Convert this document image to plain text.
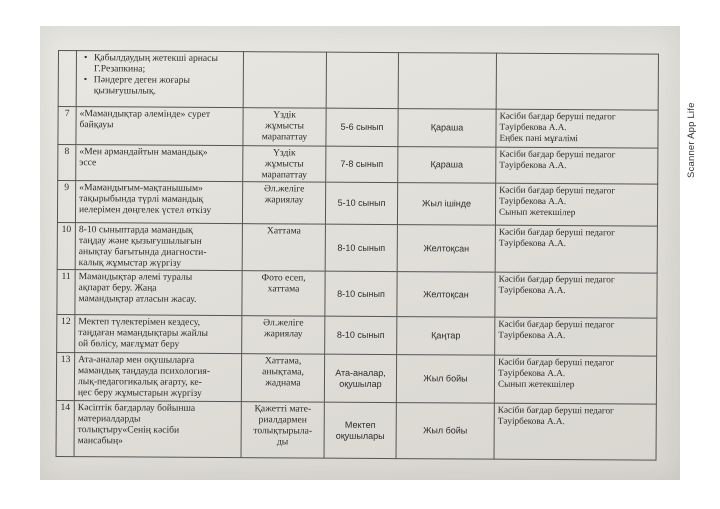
Scanner App Life

	• Қабылдаудың жетекші арнасы Г.Резапкина;
• Пәндерге деген жоғары қызығушылық.

7	«Мамандықтар әлемінде» сурет
байқауы	Үздік
жұмысты
марапаттау	5-6 сынып	Қараша	Кәсіби бағдар беруші педагог
Тәуірбекова А.А.
Еңбек пәні мұғалімі

8	«Мен армандайтын мамандық»
эссе	Үздік
жұмысты
марапаттау	7-8 сынып	Қараша	Кәсіби бағдар беруші педагог
Тәуірбекова А.А.

9	«Мамандығым-мақтанышым»
тақырыбында түрлі мамандық
иелерімен дөңгелек үстел өткізу	Әл.желіге
жариялау	5-10 сынып	Жыл ішінде	Кәсіби бағдар беруші педагог
Тәуірбекова А.А.
Сынып жетекшілер

10	8-10 сыныптарда мамандық
таңдау және қызығушылығын
анықтау бағытында диагности-
калық жұмыстар жүргізу	Хаттама	8-10 сынып	Желтоқсан	Кәсіби бағдар беруші педагог
Тәуірбекова А.А.

11	Мамандықтар әлемі туралы
ақпарат беру. Жаңа
мамандықтар атласын жасау.	Фото есеп,
хаттама	8-10 сынып	Желтоқсан	Кәсіби бағдар беруші педагог
Тәуірбекова А.А.

12	Мектеп түлектерімен кездесу,
таңдаған мамандықтары жайлы
ой бөлісу, мағлұмат беру	Әл.желіге
жариялау	8-10 сынып	Қаңтар	Кәсіби бағдар беруші педагог
Тәуірбекова А.А.

13	Ата-аналар мен оқушыларға
мамандық таңдауда психология-
лық-педагогикалық ағарту, ке-
ңес беру жұмыстарын жүргізу	Хаттама,
анықтама,
жаднама	Ата-аналар, оқушылар	Жыл бойы	Кәсіби бағдар беруші педагог
Тәуірбекова А.А.
Сынып жетекшілер

14	Кәсіптік бағдарлау бойынша
материалдарды
толықтыру«Сенің кәсіби
мансабың»	Қажетті мате-
риалдармен
толықтырыла-
ды	Мектеп оқушылары	Жыл бойы	Кәсіби бағдар беруші педагог
Тәуірбекова А.А.
